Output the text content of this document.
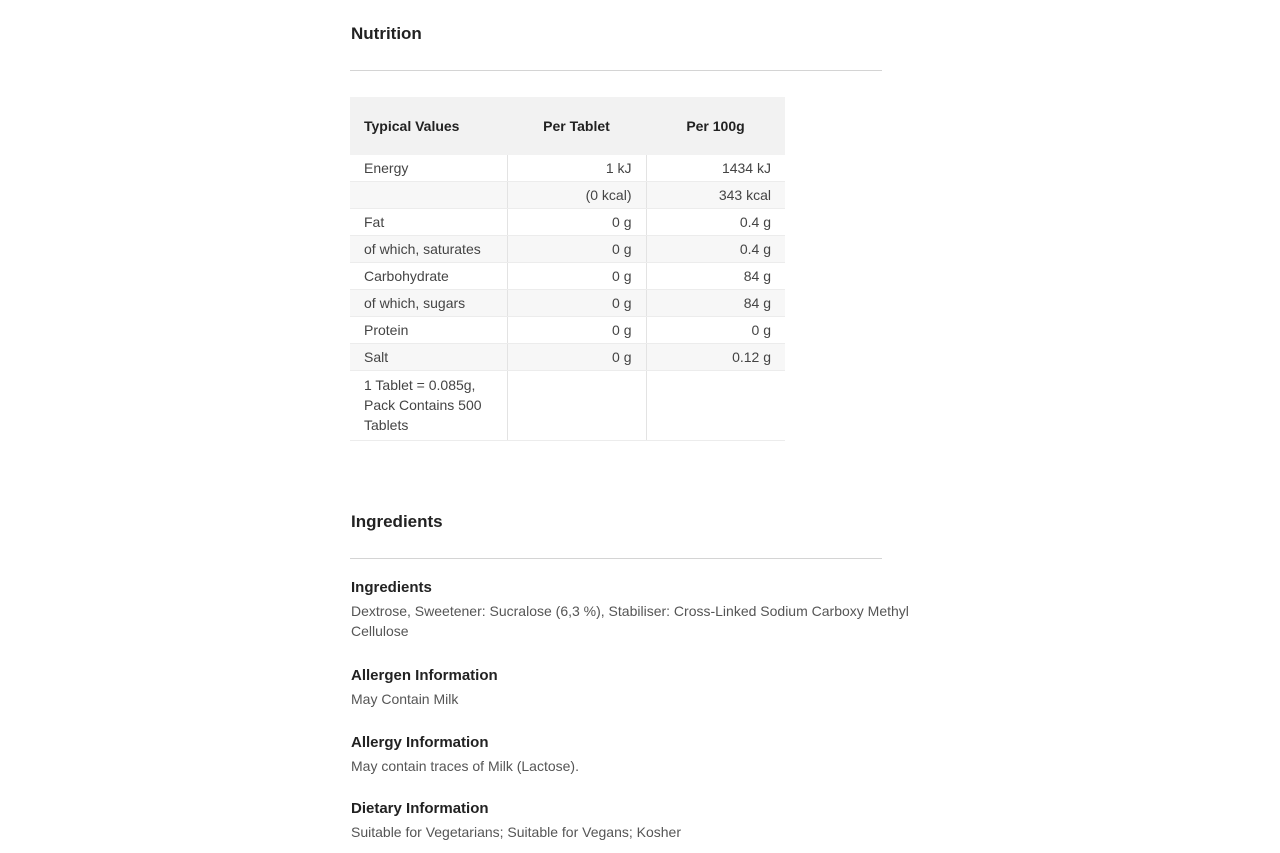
Nutrition
Typical Values	Per Tablet	Per 100g
Energy	1 kJ	1434 kJ
	(0 kcal)	343 kcal
Fat	0 g	0.4 g
of which, saturates	0 g	0.4 g
Carbohydrate	0 g	84 g
of which, sugars	0 g	84 g
Protein	0 g	0 g
Salt	0 g	0.12 g
1 Tablet = 0.085g, Pack Contains 500 Tablets		
Ingredients
Ingredients
Dextrose, Sweetener: Sucralose (6,3 %), Stabiliser: Cross-Linked Sodium Carboxy Methyl Cellulose
Allergen Information
May Contain Milk
Allergy Information
May contain traces of Milk (Lactose).
Dietary Information
Suitable for Vegetarians; Suitable for Vegans; Kosher
